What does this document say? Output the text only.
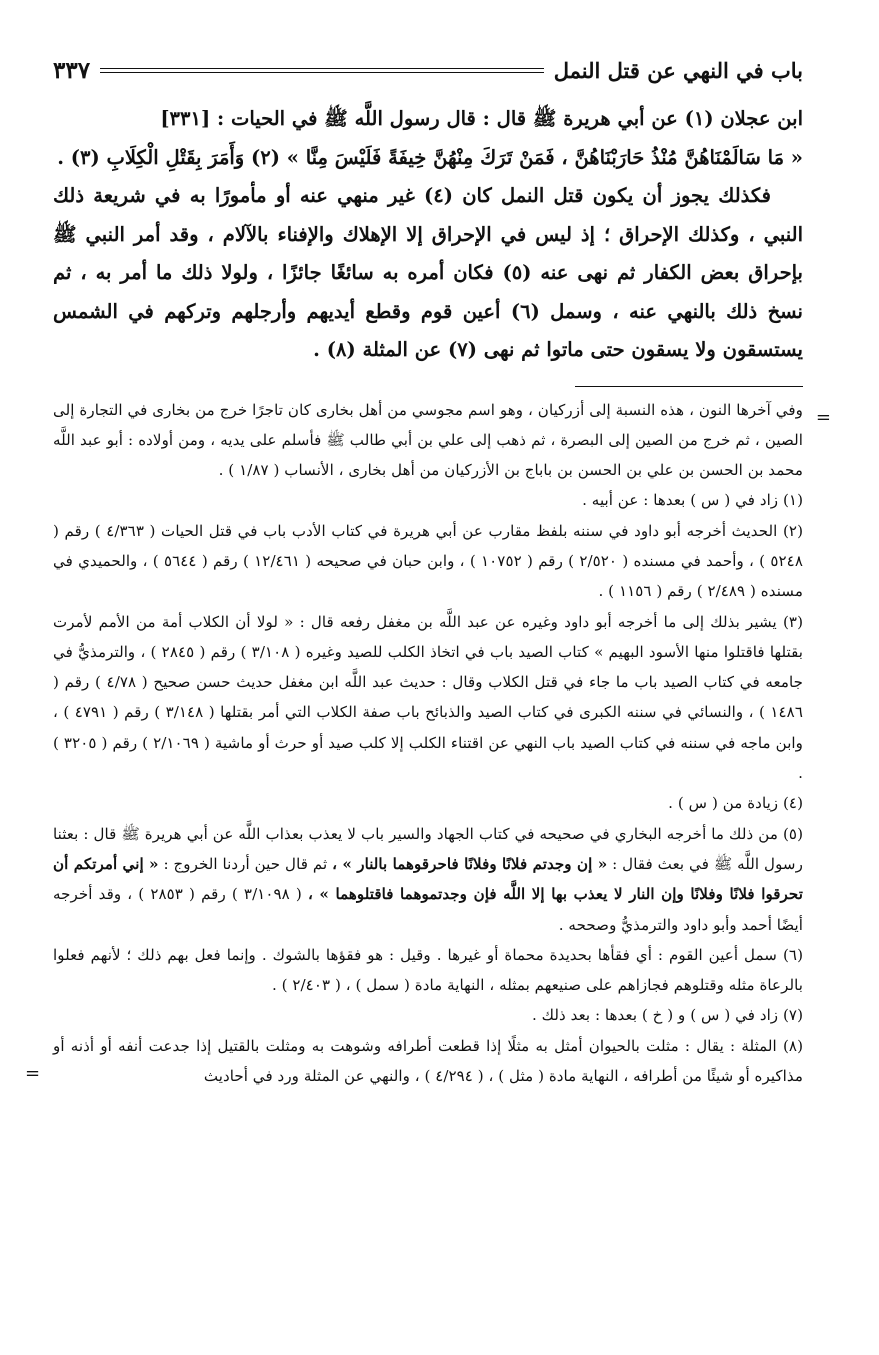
باب في النهي عن قتل النمل
٣٣٧

ابن عجلان (١) عن أبي هريرة ﷺ قال : قال رسول اللَّه ﷺ في الحيات : [٣٣١]

« مَا سَالَمْنَاهُنَّ مُنْذُ حَارَبْنَاهُنَّ ، فَمَنْ تَرَكَ مِنْهُنَّ خِيفَةً فَلَيْسَ مِنَّا » (٢) وَأَمَرَ بِقَتْلِ الْكِلَابِ (٣) .

فكذلك يجوز أن يكون قتل النمل كان (٤) غير منهي عنه أو مأمورًا به في شريعة ذلك النبي ، وكذلك الإحراق ؛ إذ ليس في الإحراق إلا الإهلاك والإفناء بالآلام ، وقد أمر النبي ﷺ بإحراق بعض الكفار ثم نهى عنه (٥) فكان أمره به سائغًا جائزًا ، ولولا ذلك ما أمر به ، ثم نسخ ذلك بالنهي عنه ، وسمل (٦) أعين قوم وقطع أيديهم وأرجلهم وتركهم في الشمس يستسقون ولا يسقون حتى ماتوا ثم نهى (٧) عن المثلة (٨) .

=
وفي آخرها النون ، هذه النسبة إلى أزركيان ، وهو اسم مجوسي من أهل بخارى كان تاجرًا خرج من بخارى في التجارة إلى الصين ، ثم خرج من الصين إلى البصرة ، ثم ذهب إلى علي بن أبي طالب ﷺ فأسلم على يديه ، ومن أولاده : أبو عبد اللَّه محمد بن الحسن بن علي بن الحسن بن باباج بن الأزركيان من أهل بخارى ، الأنساب ( ١/٨٧ ) .

(١) زاد في ( س ) بعدها : عن أبيه .

(٢) الحديث أخرجه أبو داود في سننه بلفظ مقارب عن أبي هريرة في كتاب الأدب باب في قتل الحيات ( ٤/٣٦٣ ) رقم ( ٥٢٤٨ ) ، وأحمد في مسنده ( ٢/٥٢٠ ) رقم ( ١٠٧٥٢ ) ، وابن حبان في صحيحه ( ١٢/٤٦١ ) رقم ( ٥٦٤٤ ) ، والحميدي في مسنده ( ٢/٤٨٩ ) رقم ( ١١٥٦ ) .

(٣) يشير بذلك إلى ما أخرجه أبو داود وغيره عن عبد اللَّه بن مغفل رفعه قال : « لولا أن الكلاب أمة من الأمم لأمرت بقتلها فاقتلوا منها الأسود البهيم » كتاب الصيد باب في اتخاذ الكلب للصيد وغيره ( ٣/١٠٨ ) رقم ( ٢٨٤٥ ) ، والترمذيُّ في جامعه في كتاب الصيد باب ما جاء في قتل الكلاب وقال : حديث عبد اللَّه ابن مغفل حديث حسن صحيح ( ٤/٧٨ ) رقم ( ١٤٨٦ ) ، والنسائي في سننه الكبرى في كتاب الصيد والذبائح باب صفة الكلاب التي أمر بقتلها ( ٣/١٤٨ ) رقم ( ٤٧٩١ ) ، وابن ماجه في سننه في كتاب الصيد باب النهي عن اقتناء الكلب إلا كلب صيد أو حرث أو ماشية ( ٢/١٠٦٩ ) رقم ( ٣٢٠٥ ) .

(٤) زيادة من ( س ) .

(٥) من ذلك ما أخرجه البخاري في صحيحه في كتاب الجهاد والسير باب لا يعذب بعذاب اللَّه عن أبي هريرة ﷺ قال : بعثنا رسول اللَّه ﷺ في بعث فقال : « إن وجدتم فلانًا وفلانًا فاحرقوهما بالنار » ، ثم قال حين أردنا الخروج : « إني أمرتكم أن تحرقوا فلانًا وفلانًا وإن النار لا يعذب بها إلا اللَّه فإن وجدتموهما فاقتلوهما » ، ( ٣/١٠٩٨ ) رقم ( ٢٨٥٣ ) ، وقد أخرجه أيضًا أحمد وأبو داود والترمذيُّ وصححه .

(٦) سمل أعين القوم : أي فقأها بحديدة محماة أو غيرها . وقيل : هو فقؤها بالشوك . وإنما فعل بهم ذلك ؛ لأنهم فعلوا بالرعاة مثله وقتلوهم فجازاهم على صنيعهم بمثله ، النهاية مادة ( سمل ) ، ( ٢/٤٠٣ ) .

(٧) زاد في ( س ) و ( خ ) بعدها : بعد ذلك .

(٨) المثلة : يقال : مثلت بالحيوان أمثل به مثلًا إذا قطعت أطرافه وشوهت به ومثلت بالقتيل إذا جدعت أنفه أو أذنه أو مذاكيره أو شيئًا من أطرافه ، النهاية مادة ( مثل ) ، ( ٤/٢٩٤ ) ، والنهي عن المثلة ورد في أحاديث
=
